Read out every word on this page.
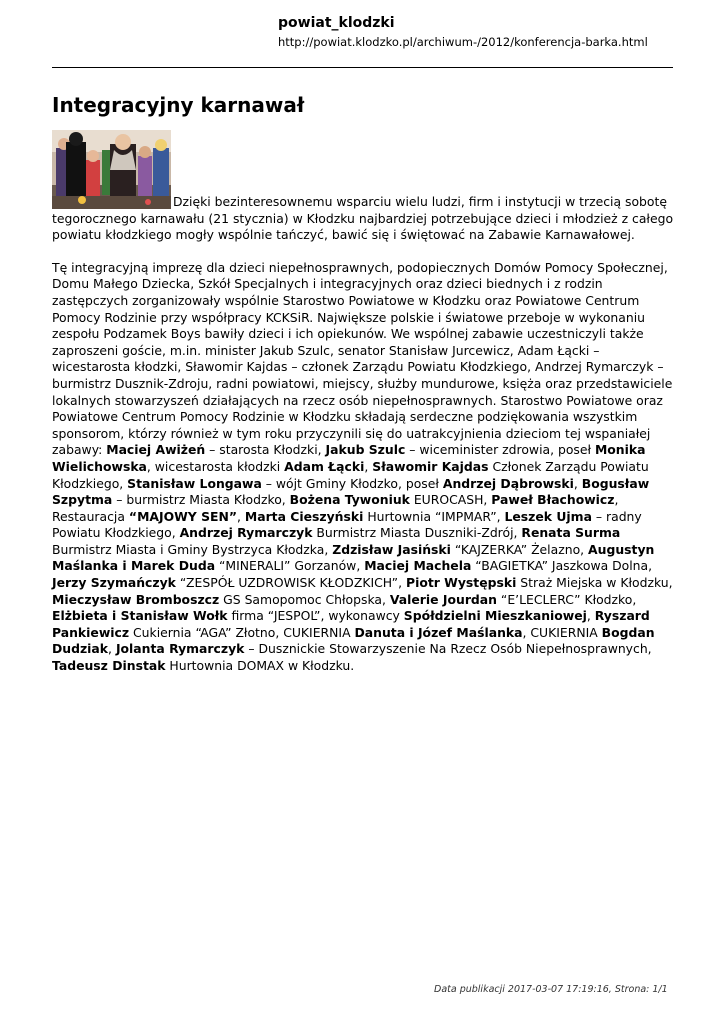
powiat_klodzki
http://powiat.klodzko.pl/archiwum-/2012/konferencja-barka.html
Integracyjny karnawał

Dzięki bezinteresownemu wsparciu wielu ludzi, firm i instytucji w trzecią sobotę tegorocznego karnawału (21 stycznia) w Kłodzku najbardziej potrzebujące dzieci i młodzież z całego powiatu kłodzkiego mogły wspólnie tańczyć, bawić się i świętować na Zabawie Karnawałowej.

Tę integracyjną imprezę dla dzieci niepełnosprawnych, podopiecznych Domów Pomocy Społecznej, Domu Małego Dziecka, Szkół Specjalnych i integracyjnych oraz dzieci biednych i z rodzin zastępczych zorganizowały wspólnie Starostwo Powiatowe w Kłodzku oraz Powiatowe Centrum Pomocy Rodzinie przy współpracy KCKSiR. Największe polskie i światowe przeboje w wykonaniu zespołu Podzamek Boys bawiły dzieci i ich opiekunów. We wspólnej zabawie uczestniczyli także zaproszeni goście, m.in. minister Jakub Szulc, senator Stanisław Jurcewicz, Adam Łącki – wicestarosta kłodzki, Sławomir Kajdas – członek Zarządu Powiatu Kłodzkiego, Andrzej Rymarczyk – burmistrz Dusznik-Zdroju, radni powiatowi, miejscy, służby mundurowe, księża oraz przedstawiciele lokalnych stowarzyszeń działających na rzecz osób niepełnosprawnych. Starostwo Powiatowe oraz Powiatowe Centrum Pomocy Rodzinie w Kłodzku składają serdeczne podziękowania wszystkim sponsorom, którzy również w tym roku przyczynili się do uatrakcyjnienia dzieciom tej wspaniałej zabawy: Maciej Awiżeń – starosta Kłodzki, Jakub Szulc – wiceminister zdrowia, poseł Monika Wielichowska, wicestarosta kłodzki Adam Łącki, Sławomir Kajdas Członek Zarządu Powiatu Kłodzkiego, Stanisław Longawa – wójt Gminy Kłodzko, poseł Andrzej Dąbrowski, Bogusław Szpytma – burmistrz Miasta Kłodzko, Bożena Tywoniuk EUROCASH, Paweł Błachowicz, Restauracja “MAJOWY SEN”, Marta Cieszyński Hurtownia “IMPMAR”, Leszek Ujma – radny Powiatu Kłodzkiego, Andrzej Rymarczyk Burmistrz Miasta Duszniki-Zdrój, Renata Surma Burmistrz Miasta i Gminy Bystrzyca Kłodzka, Zdzisław Jasiński “KAJZERKA” Żelazno, Augustyn Maślanka i Marek Duda “MINERALI” Gorzanów, Maciej Machela “BAGIETKA” Jaszkowa Dolna, Jerzy Szymańczyk “ZESPÓŁ UZDROWISK KŁODZKICH”, Piotr Występski Straż Miejska w Kłodzku, Mieczysław Bromboszcz GS Samopomoc Chłopska, Valerie Jourdan “E’LECLERC” Kłodzko, Elżbieta i Stanisław Wołk firma “JESPOL”, wykonawcy Spółdzielni Mieszkaniowej, Ryszard Pankiewicz Cukiernia “AGA” Złotno, CUKIERNIA Danuta i Józef Maślanka, CUKIERNIA Bogdan Dudziak, Jolanta Rymarczyk – Dusznickie Stowarzyszenie Na Rzecz Osób Niepełnosprawnych, Tadeusz Dinstak Hurtownia DOMAX w Kłodzku.

Data publikacji 2017-03-07 17:19:16, Strona: 1/1
